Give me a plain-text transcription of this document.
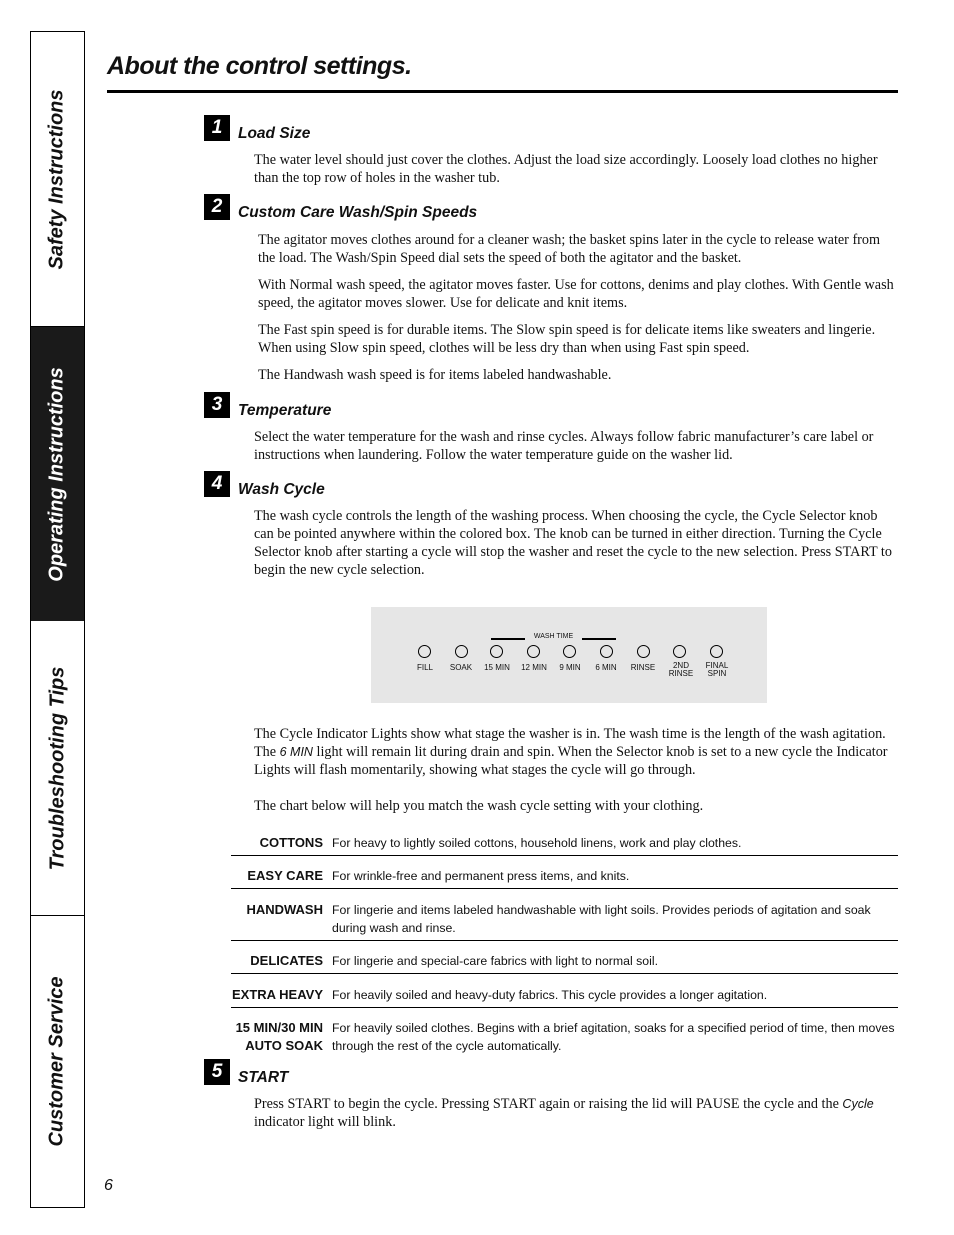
Safety Instructions
Operating Instructions
Troubleshooting Tips
Customer Service
About the control settings.
1	Load Size

The water level should just cover the clothes. Adjust the load size accordingly. Loosely load clothes no higher than the top row of holes in the washer tub.

2	Custom Care Wash/Spin Speeds

The agitator moves clothes around for a cleaner wash; the basket spins later in the cycle to release water from the load. The Wash/Spin Speed dial sets the speed of both the agitator and the basket.

With Normal wash speed, the agitator moves faster. Use for cottons, denims and play clothes. With Gentle wash speed, the agitator moves slower. Use for delicate and knit items.

The Fast spin speed is for durable items. The Slow spin speed is for delicate items like sweaters and lingerie. When using Slow spin speed, clothes will be less dry than when using Fast spin speed.

The Handwash wash speed is for items labeled handwashable.

3	Temperature

Select the water temperature for the wash and rinse cycles. Always follow fabric manufacturer’s care label or instructions when laundering. Follow the water temperature guide on the washer lid.

4	Wash Cycle

The wash cycle controls the length of the washing process. When choosing the cycle, the Cycle Selector knob can be pointed anywhere within the colored box. The knob can be turned in either direction. Turning the Cycle Selector knob after starting a cycle will stop the washer and reset the cycle to the new selection. Press START to begin the new cycle selection.

WASH TIME
FILL	SOAK	15 MIN	12 MIN	9 MIN	6 MIN	RINSE	2ND
RINSE
FINAL
SPIN

The Cycle Indicator Lights show what stage the washer is in. The wash time is the length of the wash agitation. The 6 MIN light will remain lit during drain and spin. When the Selector knob is set to a new cycle the Indicator Lights will flash momentarily, showing what stages the cycle will go through.

The chart below will help you match the wash cycle setting with your clothing.

COTTONS For heavy to lightly soiled cottons, household linens, work and play clothes.
EASY CARE For wrinkle-free and permanent press items, and knits.
HANDWASH For lingerie and items labeled handwashable with light soils. Provides periods of agitation and soak during wash and rinse.
DELICATES For lingerie and special-care fabrics with light to normal soil.
EXTRA HEAVY For heavily soiled and heavy-duty fabrics. This cycle provides a longer agitation.
15 MIN/30 MIN
AUTO SOAK
For heavily soiled clothes. Begins with a brief agitation, soaks for a specified period of time, then moves through the rest of the cycle automatically.
5	START

Press START to begin the cycle. Pressing START again or raising the lid will PAUSE the cycle and the Cycle indicator light will blink.

6
